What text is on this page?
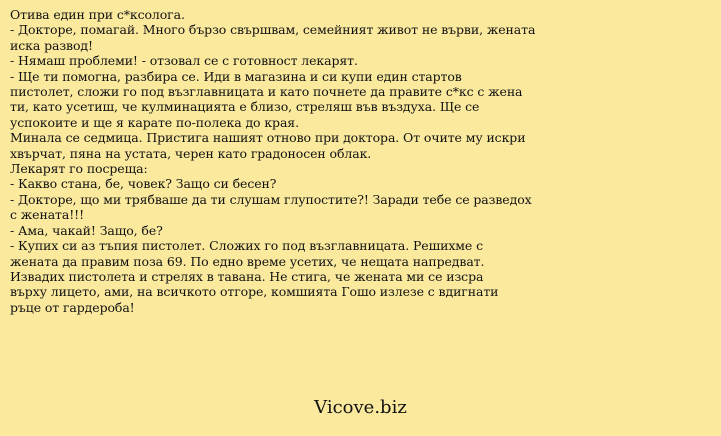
Отива един при с*ксолога.
- Докторе, помагай. Много бързо свършвам, семейният живот не върви, жената
иска развод!
- Нямаш проблеми! - отзовал се с готовност лекарят.
- Ще ти помогна, разбира се. Иди в магазина и си купи един стартов
пистолет, сложи го под възглавницата и като почнете да правите с*кс с жена
ти, като усетиш, че кулминацията е близо, стреляш във въздуха. Ще се
успокоите и ще я карате по-полека до края.
Минала се седмица. Пристига нашият отново при доктора. От очите му искри
хвърчат, пяна на устата, черен като градоносен облак.
Лекарят го посреща:
- Какво стана, бе, човек? Защо си бесен?
- Докторе, що ми трябваше да ти слушам глупостите?! Заради тебе се разведох
с жената!!!
- Ама, чакай! Защо, бе?
- Купих си аз тъпия пистолет. Сложих го под възглавницата. Решихме с
жената да правим поза 69. По едно време усетих, че нещата напредват.
Извадих пистолета и стрелях в тавана. Не стига, че жената ми се изсра
върху лицето, ами, на всичкото отгоре, комшията Гошо излезе с вдигнати
ръце от гардероба!
Vicove.biz
